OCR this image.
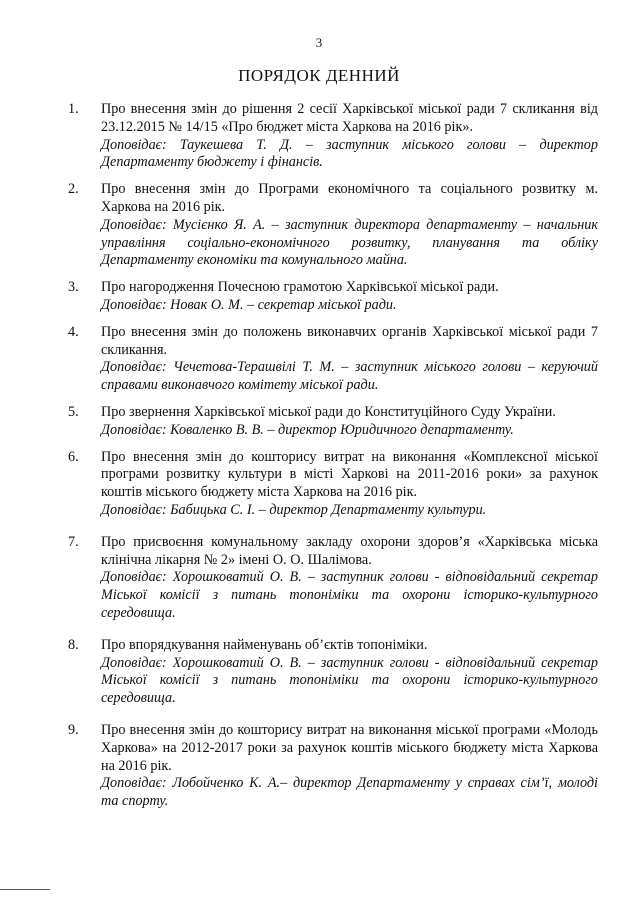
3
ПОРЯДОК ДЕННИЙ
1. Про внесення змін до рішення 2 сесії Харківської міської ради 7 скликання від 23.12.2015 № 14/15 «Про бюджет міста Харкова на 2016 рік».

Доповідає: Таукешева Т. Д. – заступник міського голови – директор Департаменту бюджету і фінансів.

2. Про внесення змін до Програми економічного та соціального розвитку м. Харкова на 2016 рік.

Доповідає: Мусієнко Я. А. – заступник директора департаменту – начальник управління соціально-економічного розвитку, планування та обліку Департаменту економіки та комунального майна.

3. Про нагородження Почесною грамотою Харківської міської ради.

Доповідає: Новак О. М. – секретар міської ради.

4. Про внесення змін до положень виконавчих органів Харківської міської ради 7 скликання.

Доповідає: Чечетова-Терашвілі Т. М. – заступник міського голови – керуючий справами виконавчого комітету міської ради.

5. Про звернення Харківської міської ради до Конституційного Суду України.

Доповідає: Коваленко В. В. – директор Юридичного департаменту.

6. Про внесення змін до кошторису витрат на виконання «Комплексної міської програми розвитку культури в місті Харкові на 2011-2016 роки» за рахунок коштів міського бюджету міста Харкова на 2016 рік.

Доповідає: Бабицька С. І. – директор Департаменту культури.

7. Про присвоєння комунальному закладу охорони здоров’я «Харківська міська клінічна лікарня № 2» імені О. О. Шалімова.

Доповідає: Хорошковатий О. В. – заступник голови - відповідальний секретар Міської комісії з питань топоніміки та охорони історико-культурного середовища.

8. Про впорядкування найменувань об’єктів топоніміки.

Доповідає: Хорошковатий О. В. – заступник голови - відповідальний секретар Міської комісії з питань топоніміки та охорони історико-культурного середовища.

9. Про внесення змін до кошторису витрат на виконання міської програми «Молодь Харкова» на 2012-2017 роки за рахунок коштів міського бюджету міста Харкова на 2016 рік.

Доповідає: Лобойченко К. А.– директор Департаменту у справах сім’ї, молоді та спорту.
